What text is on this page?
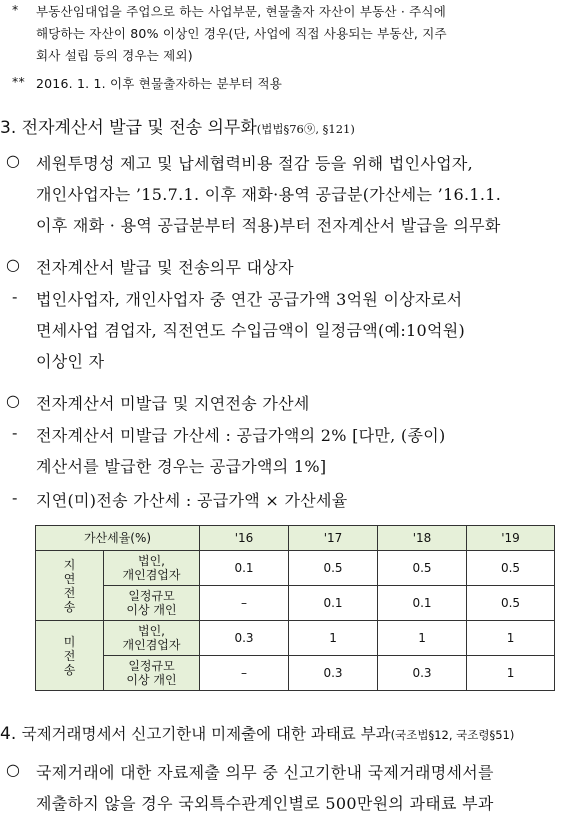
* 부동산임대업을 주업으로 하는 사업부문, 현물출자 자산이 부동산 · 주식에
해당하는 자산이 80% 이상인 경우(단, 사업에 직접 사용되는 부동산, 지주
회사 설립 등의 경우는 제외)
** 2016. 1. 1. 이후 현물출자하는 분부터 적용
3. 전자계산서 발급 및 전송 의무화(법법§76⑨, §121)
○ 세원투명성 제고 및 납세협력비용 절감 등을 위해 법인사업자,
개인사업자는 ’15.7.1. 이후 재화·용역 공급분(가산세는 ’16.1.1.
이후 재화 · 용역 공급분부터 적용)부터 전자계산서 발급을 의무화
○ 전자계산서 발급 및 전송의무 대상자
- 법인사업자, 개인사업자 중 연간 공급가액 3억원 이상자로서
면세사업 겸업자, 직전연도 수입금액이 일정금액(예:10억원)
이상인 자
○ 전자계산서 미발급 및 지연전송 가산세
- 전자계산서 미발급 가산세 : 공급가액의 2% [다만, (종이)
계산서를 발급한 경우는 공급가액의 1%]
- 지연(미)전송 가산세 : 공급가액 × 가산세율
가산세율(%)		'16	'17	'18	'19
지
연
전
송	법인,
개인겸업자	0.1	0.5	0.5	0.5
	일정규모
이상 개인	–	0.1	0.1	0.5
미
전
송	법인,
개인겸업자	0.3	1	1	1
	일정규모
이상 개인	–	0.3	0.3	1
4. 국제거래명세서 신고기한내 미제출에 대한 과태료 부과(국조법§12, 국조령§51)
○ 국제거래에 대한 자료제출 의무 중 신고기한내 국제거래명세서를
제출하지 않을 경우 국외특수관계인별로 500만원의 과태료 부과
